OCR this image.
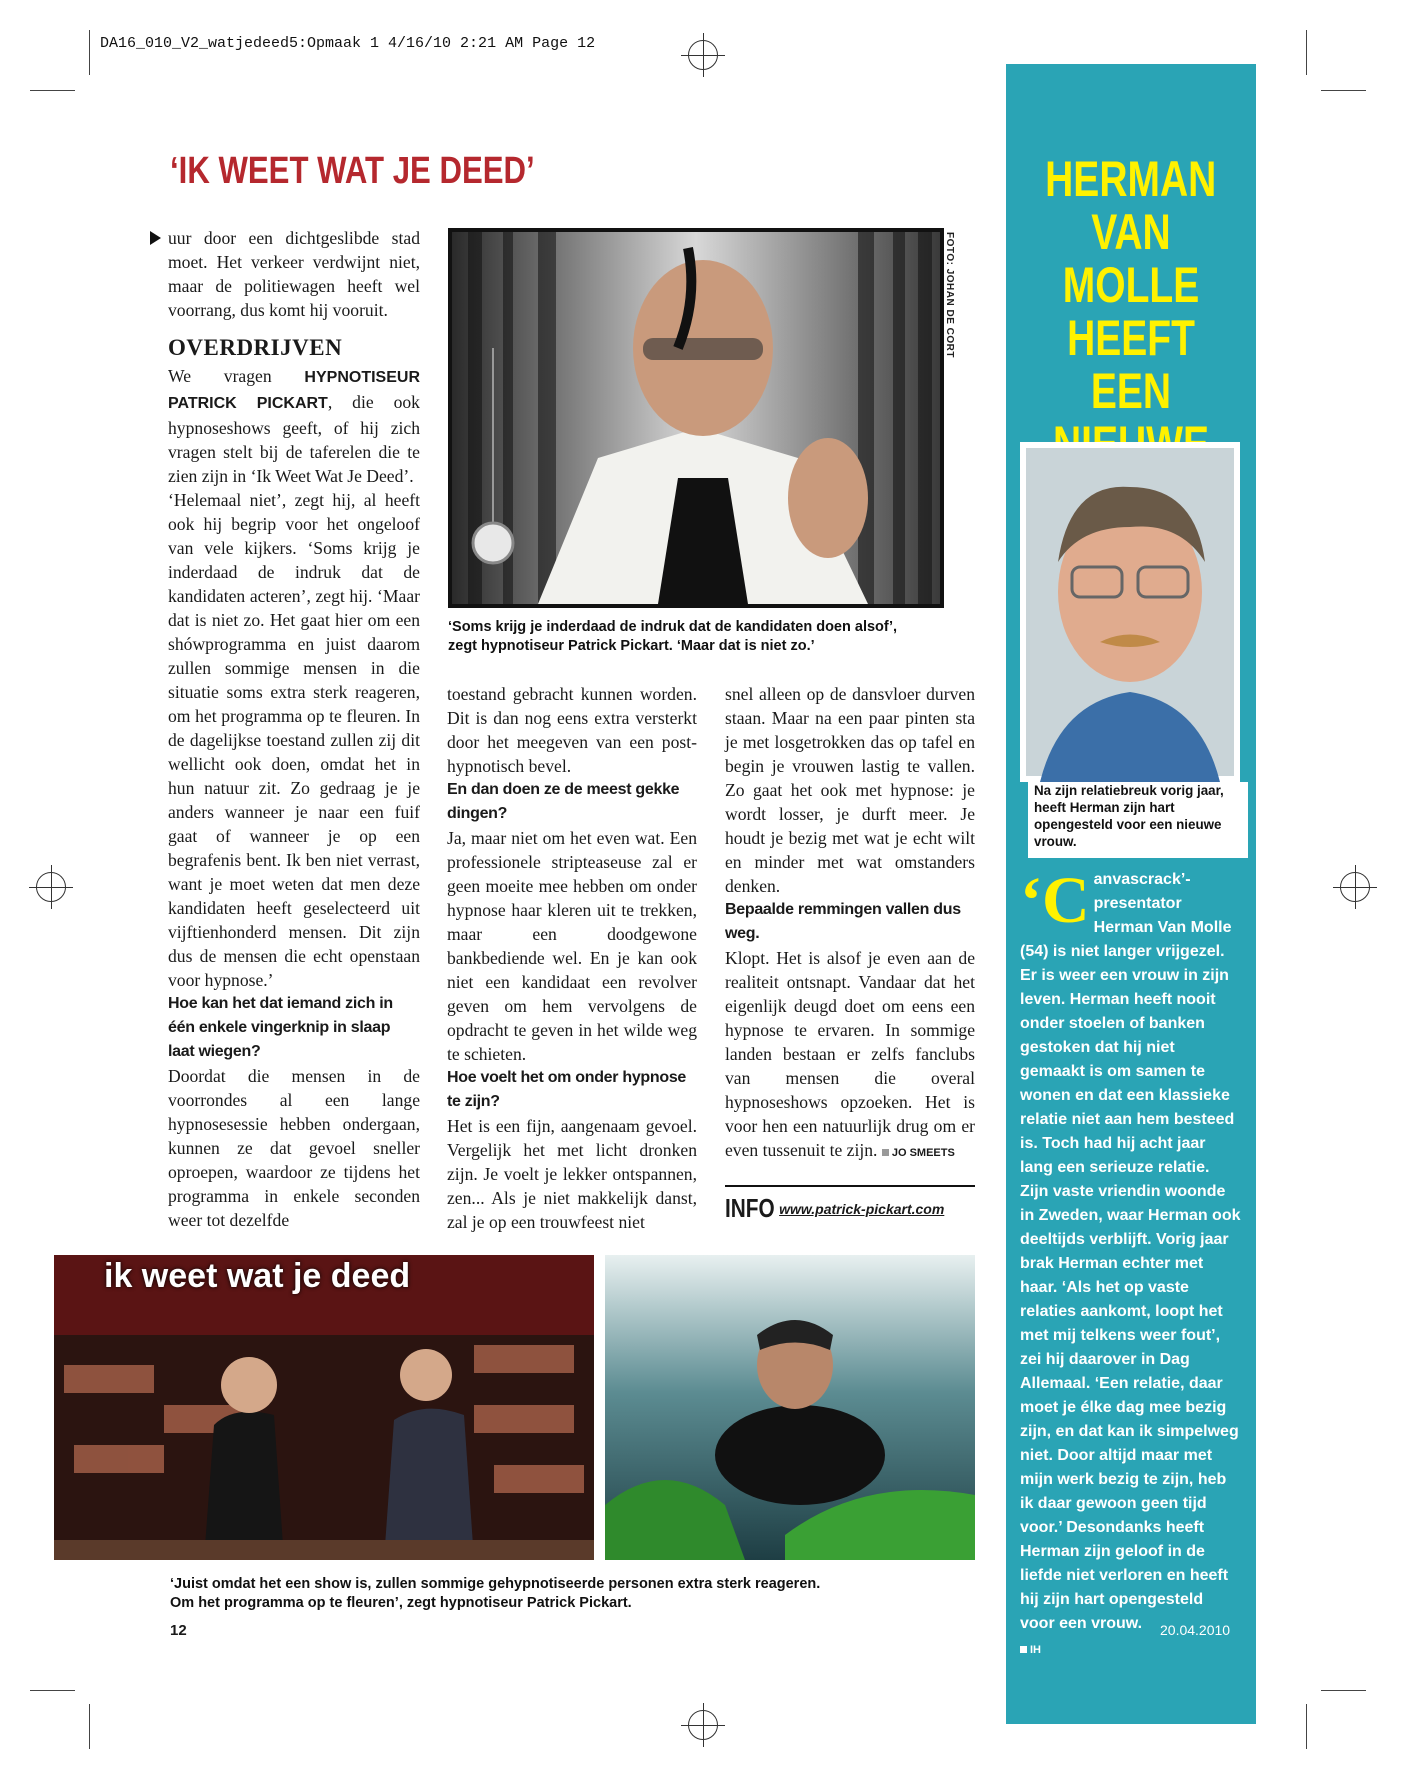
DA16_010_V2_watjedeed5:Opmaak 1 4/16/10 2:21 AM Page 12
‘IK WEET WAT JE DEED’
FOTO: JOHAN DE CORT
‘Soms krijg je inderdaad de indruk dat de kandidaten doen alsof’, zegt hypnotiseur Patrick Pickart. ‘Maar dat is niet zo.’

uur door een dichtgeslibde stad moet. Het verkeer verdwijnt niet, maar de politiewagen heeft wel voorrang, dus komt hij vooruit.

OVERDRIJVEN

We vragen HYPNOTISEUR PATRICK PICKART, die ook hypnoseshows geeft, of hij zich vragen stelt bij de taferelen die te zien zijn in ‘Ik Weet Wat Je Deed’.

‘Helemaal niet’, zegt hij, al heeft ook hij begrip voor het ongeloof van vele kijkers. ‘Soms krijg je inderdaad de indruk dat de kandidaten acteren’, zegt hij. ‘Maar dat is niet zo. Het gaat hier om een shówprogramma en juist daarom zullen sommige mensen in die situatie soms extra sterk reageren, om het programma op te fleuren. In de dagelijkse toestand zullen zij dit wellicht ook doen, omdat het in hun natuur zit. Zo gedraag je je anders wanneer je naar een fuif gaat of wanneer je op een begrafenis bent. Ik ben niet verrast, want je moet weten dat men deze kandidaten heeft geselecteerd uit vijftienhonderd mensen. Dit zijn dus de mensen die echt openstaan voor hypnose.’

Hoe kan het dat iemand zich in één enkele vingerknip in slaap laat wiegen?

Doordat die mensen in de voorrondes al een lange hypnosesessie hebben ondergaan, kunnen ze dat gevoel sneller oproepen, waardoor ze tijdens het programma in enkele seconden weer tot dezelfde

toestand gebracht kunnen worden. Dit is dan nog eens extra versterkt door het meegeven van een post-hypnotisch bevel.

En dan doen ze de meest gekke dingen?

Ja, maar niet om het even wat. Een professionele stripteaseuse zal er geen moeite mee hebben om onder hypnose haar kleren uit te trekken, maar een doodgewone bankbediende wel. En je kan ook niet een kandidaat een revolver geven om hem vervolgens de opdracht te geven in het wilde weg te schieten.

Hoe voelt het om onder hypnose te zijn?

Het is een fijn, aangenaam gevoel. Vergelijk het met licht dronken zijn. Je voelt je lekker ontspannen, zen... Als je niet makkelijk danst, zal je op een trouwfeest niet

snel alleen op de dansvloer durven staan. Maar na een paar pinten sta je met losgetrokken das op tafel en begin je vrouwen lastig te vallen. Zo gaat het ook met hypnose: je wordt losser, je durft meer. Je houdt je bezig met wat je echt wilt en minder met wat omstanders denken.

Bepaalde remmingen vallen dus weg.

Klopt. Het is alsof je even aan de realiteit ontsnapt. Vandaar dat het eigenlijk deugd doet om eens een hypnose te ervaren. In sommige landen bestaan er zelfs fanclubs van mensen die overal hypnoseshows opzoeken. Het is voor hen een natuurlijk drug om er even tussenuit te zijn. JO SMEETS

INFO www.patrick-pickart.com
ik weet wat je deed
‘Juist omdat het een show is, zullen sommige gehypnotiseerde personen extra sterk reageren.
Om het programma op te fleuren’, zegt hypnotiseur Patrick Pickart.
12
HERMAN
VAN MOLLE
HEEFT EEN
Na zijn relatiebreuk vorig jaar, heeft Herman zijn hart opengesteld voor een nieuwe vrouw.
‘Canvascrack’-presentator Herman Van Molle (54) is niet langer vrijgezel. Er is weer een vrouw in zijn leven. Herman heeft nooit onder stoelen of banken gestoken dat hij niet gemaakt is om samen te wonen en dat een klassieke relatie niet aan hem besteed is. Toch had hij acht jaar lang een serieuze relatie. Zijn vaste vriendin woonde in Zweden, waar Herman ook deeltijds verblijft. Vorig jaar brak Herman echter met haar. ‘Als het op vaste relaties aankomt, loopt het met mij telkens weer fout’, zei hij daarover in Dag Allemaal. ‘Een relatie, daar moet je élke dag mee bezig zijn, en dat kan ik simpelweg niet. Door altijd maar met mijn werk bezig te zijn, heb ik daar gewoon geen tijd voor.’ Desondanks heeft Herman zijn geloof in de liefde niet verloren en heeft hij zijn hart opengesteld voor een vrouw.
IH
20.04.2010
